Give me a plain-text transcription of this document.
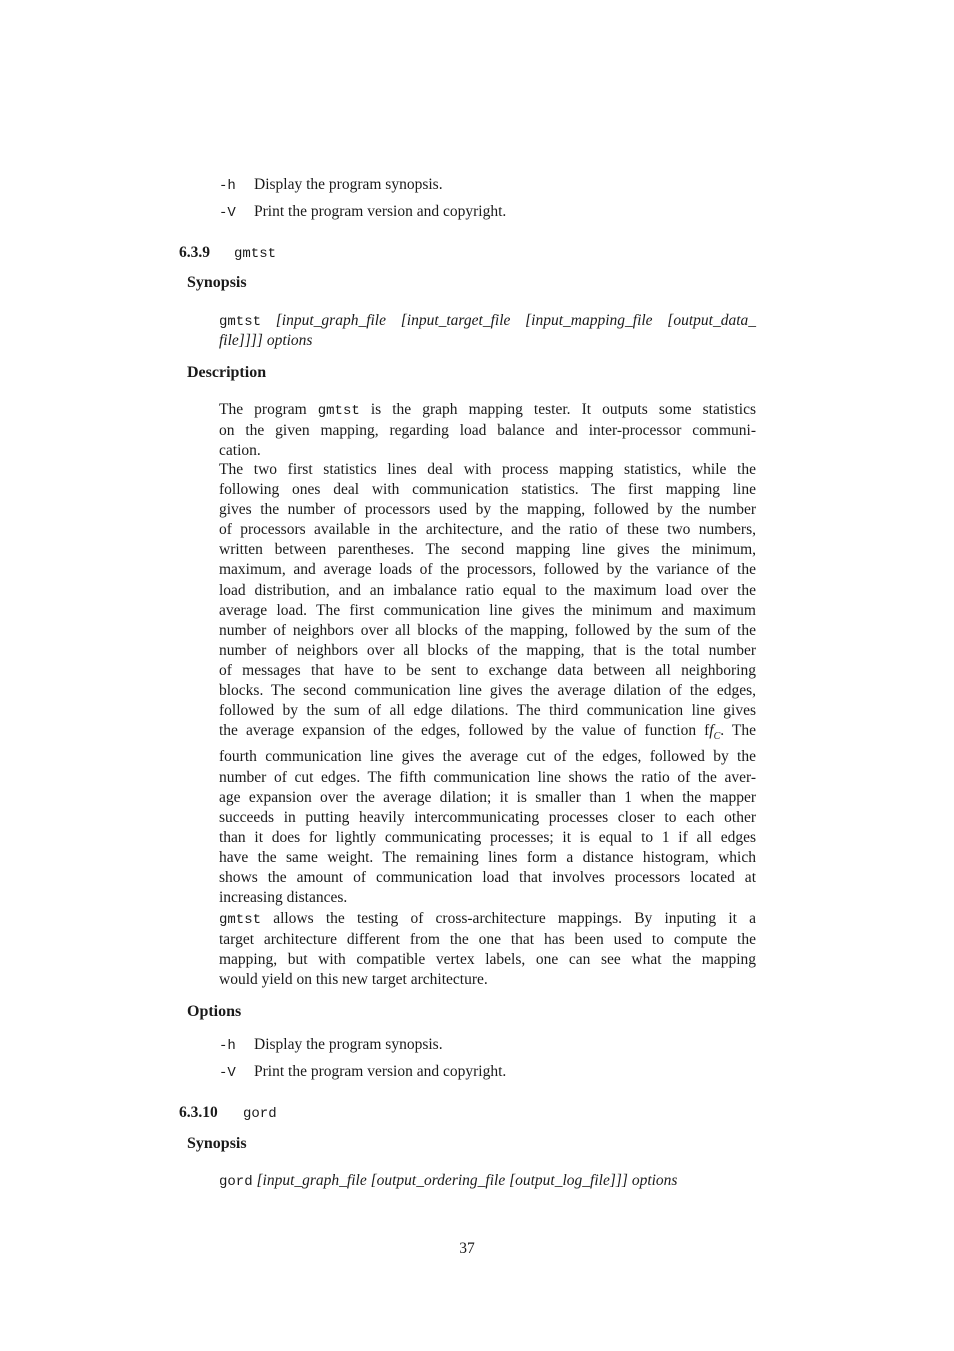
-h Display the program synopsis.
-V Print the program version and copyright.
6.3.9 gmtst
Synopsis
gmtst [input_graph_file [input_target_file [input_mapping_file [output_data_
file]]]] options
Description
The program gmtst is the graph mapping tester. It outputs some statistics
on the given mapping, regarding load balance and inter-processor communi-
cation.
The two first statistics lines deal with process mapping statistics, while the
following ones deal with communication statistics. The first mapping line
gives the number of processors used by the mapping, followed by the number
of processors available in the architecture, and the ratio of these two numbers,
written between parentheses. The second mapping line gives the minimum,
maximum, and average loads of the processors, followed by the variance of the
load distribution, and an imbalance ratio equal to the maximum load over the
average load. The first communication line gives the minimum and maximum
number of neighbors over all blocks of the mapping, followed by the sum of the
number of neighbors over all blocks of the mapping, that is the total number
of messages that have to be sent to exchange data between all neighboring
blocks. The second communication line gives the average dilation of the edges,
followed by the sum of all edge dilations. The third communication line gives
the average expansion of the edges, followed by the value of function $ff_C$. The
fourth communication line gives the average cut of the edges, followed by the
number of cut edges. The fifth communication line shows the ratio of the aver-
age expansion over the average dilation; it is smaller than 1 when the mapper
succeeds in putting heavily intercommunicating processes closer to each other
than it does for lightly communicating processes; it is equal to 1 if all edges
have the same weight. The remaining lines form a distance histogram, which
shows the amount of communication load that involves processors located at
increasing distances.
gmtst allows the testing of cross-architecture mappings. By inputing it a
target architecture different from the one that has been used to compute the
mapping, but with compatible vertex labels, one can see what the mapping
would yield on this new target architecture.
Options
-h Display the program synopsis.
-V Print the program version and copyright.
6.3.10 gord
Synopsis
gord [input_graph_file [output_ordering_file [output_log_file]]] options
37
